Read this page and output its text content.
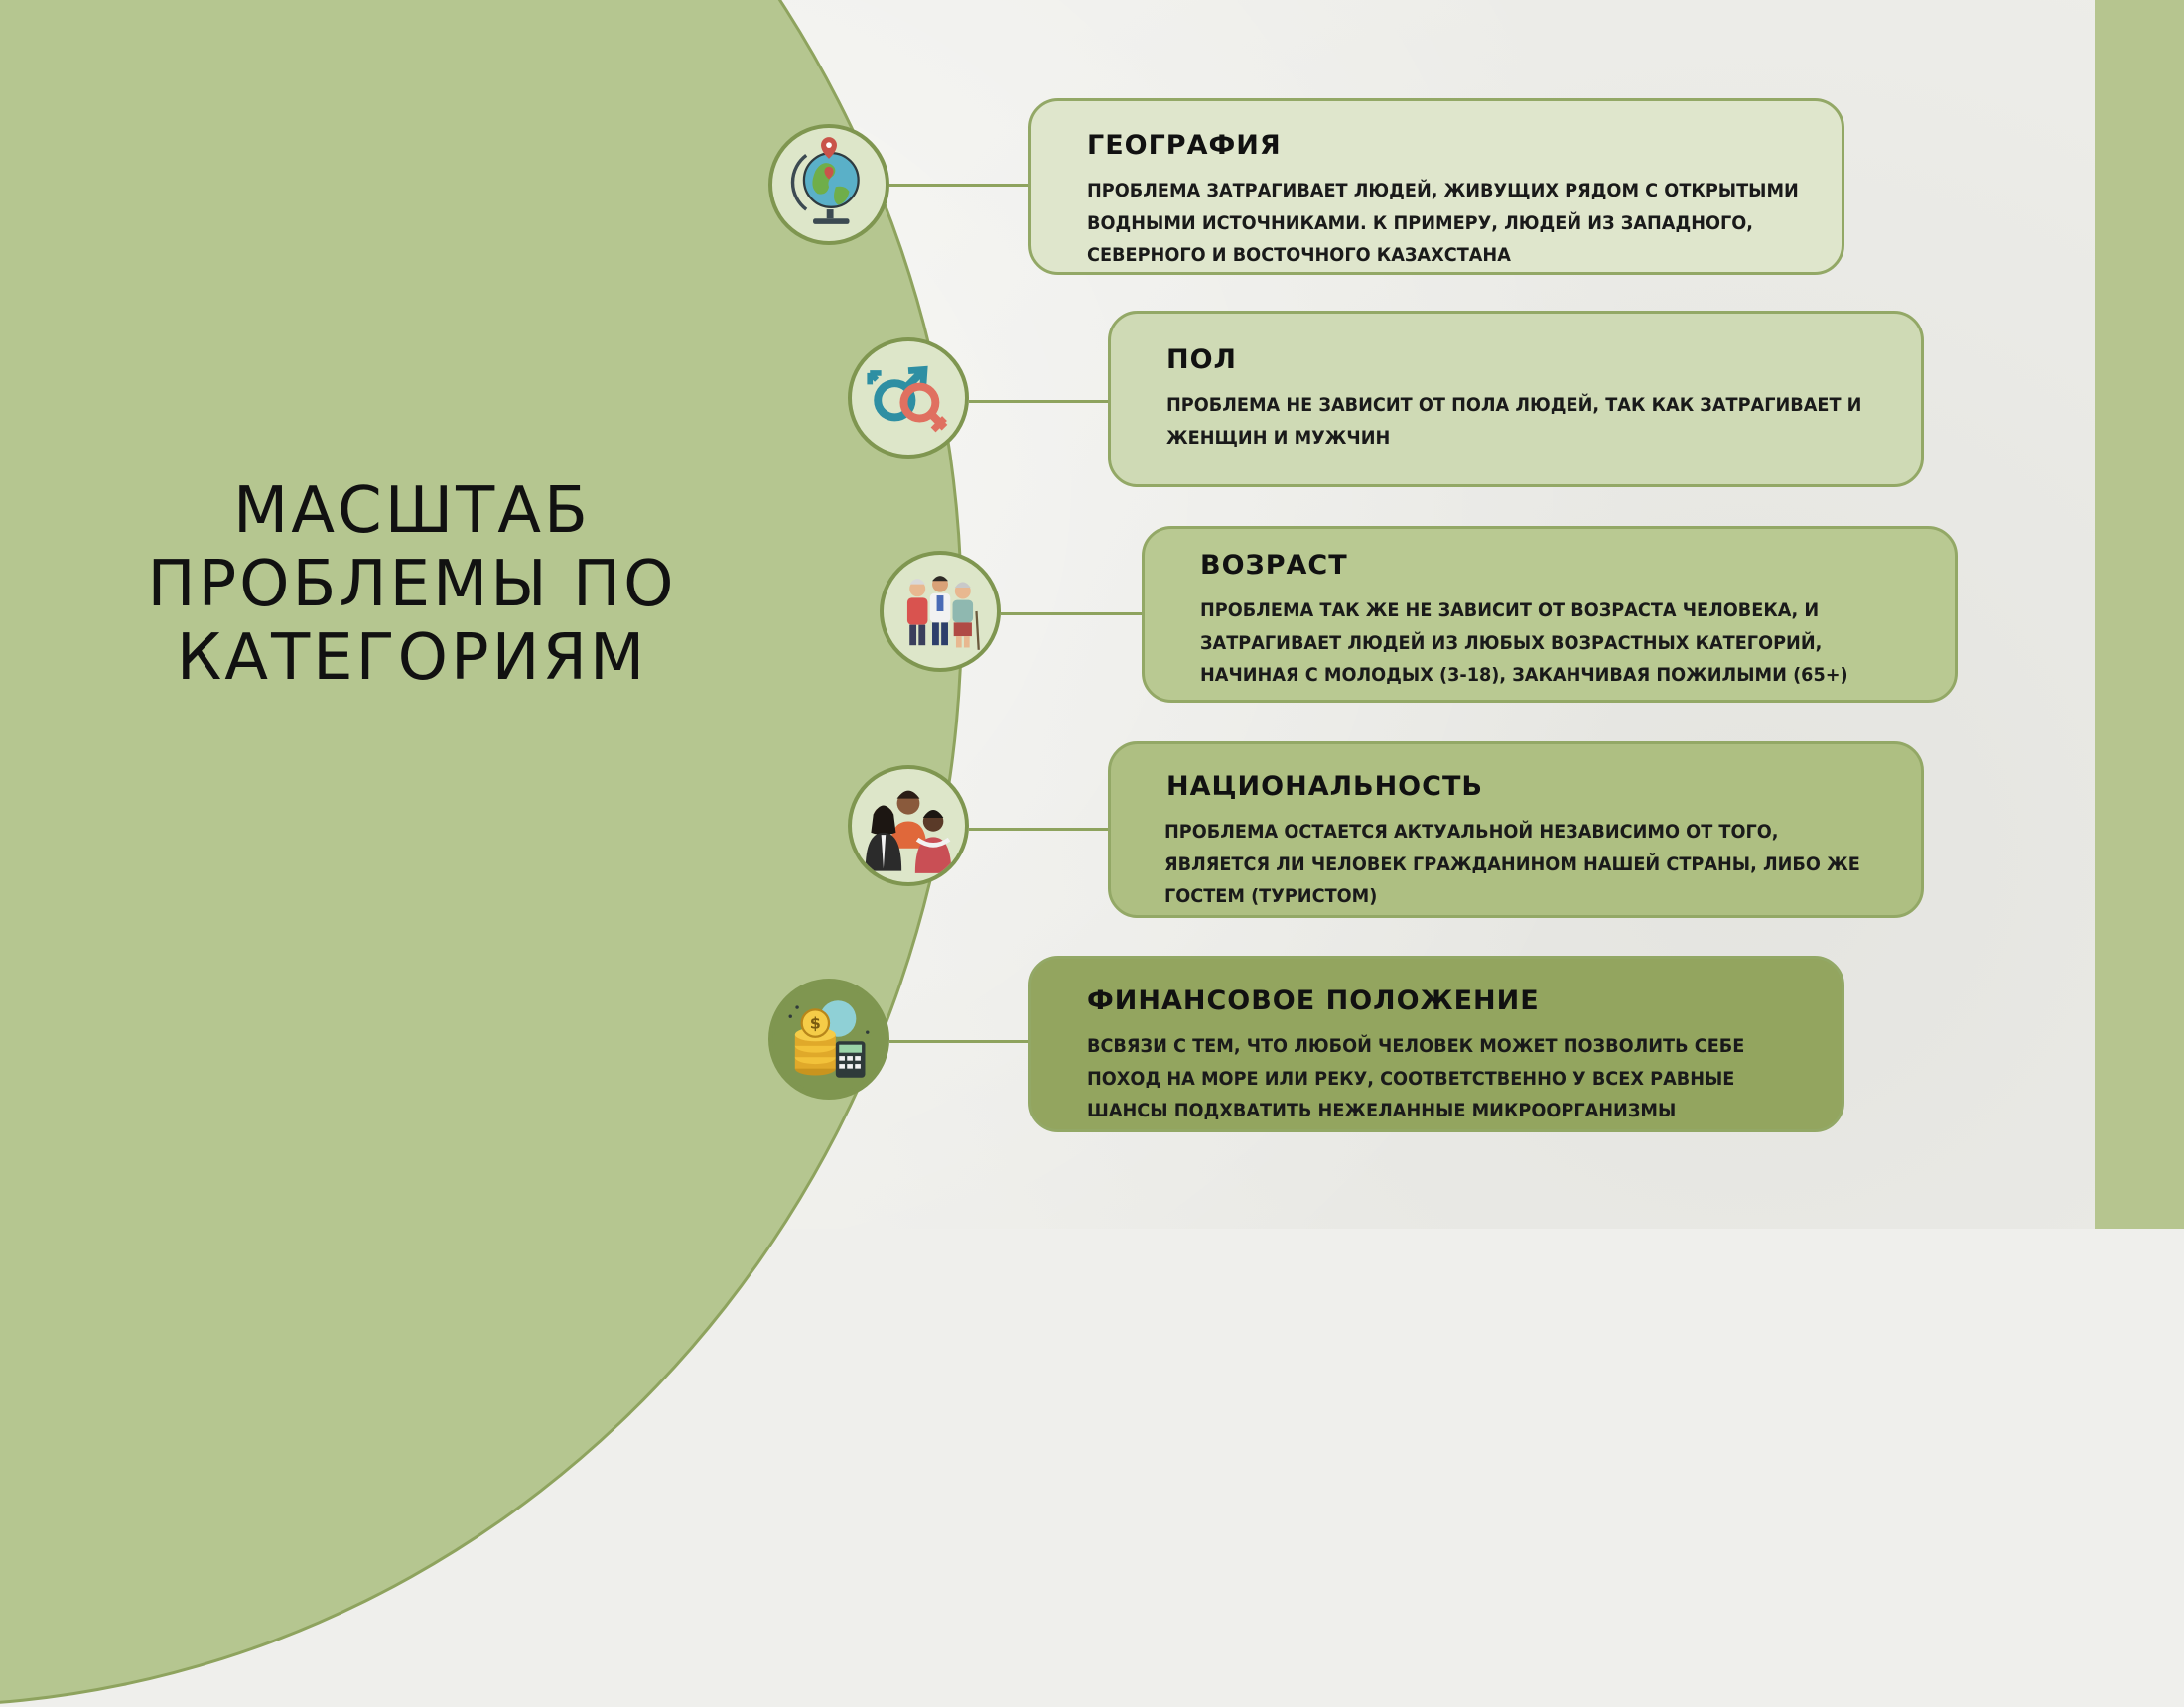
МАСШТАБ
ПРОБЛЕМЫ ПО
КАТЕГОРИЯМ
$
ГЕОГРАФИЯ

ПРОБЛЕМА ЗАТРАГИВАЕТ ЛЮДЕЙ, ЖИВУЩИХ РЯДОМ С ОТКРЫТЫМИ ВОДНЫМИ ИСТОЧНИКАМИ. К ПРИМЕРУ, ЛЮДЕЙ ИЗ ЗАПАДНОГО, СЕВЕРНОГО И ВОСТОЧНОГО КАЗАХСТАНА

ПОЛ

ПРОБЛЕМА НЕ ЗАВИСИТ ОТ ПОЛА ЛЮДЕЙ, ТАК КАК ЗАТРАГИВАЕТ И ЖЕНЩИН И МУЖЧИН

ВОЗРАСТ

ПРОБЛЕМА ТАК ЖЕ НЕ ЗАВИСИТ ОТ ВОЗРАСТА ЧЕЛОВЕКА, И ЗАТРАГИВАЕТ ЛЮДЕЙ ИЗ ЛЮБЫХ ВОЗРАСТНЫХ КАТЕГОРИЙ, НАЧИНАЯ С МОЛОДЫХ (3-18), ЗАКАНЧИВАЯ ПОЖИЛЫМИ (65+)

НАЦИОНАЛЬНОСТЬ

ПРОБЛЕМА ОСТАЕТСЯ АКТУАЛЬНОЙ НЕЗАВИСИМО ОТ ТОГО, ЯВЛЯЕТСЯ ЛИ ЧЕЛОВЕК ГРАЖДАНИНОМ НАШЕЙ СТРАНЫ, ЛИБО ЖЕ ГОСТЕМ (ТУРИСТОМ)

ФИНАНСОВОЕ ПОЛОЖЕНИЕ

ВСВЯЗИ С ТЕМ, ЧТО ЛЮБОЙ ЧЕЛОВЕК МОЖЕТ ПОЗВОЛИТЬ СЕБЕ ПОХОД НА МОРЕ ИЛИ РЕКУ, СООТВЕТСТВЕННО У ВСЕХ РАВНЫЕ ШАНСЫ ПОДХВАТИТЬ НЕЖЕЛАННЫЕ МИКРООРГАНИЗМЫ
